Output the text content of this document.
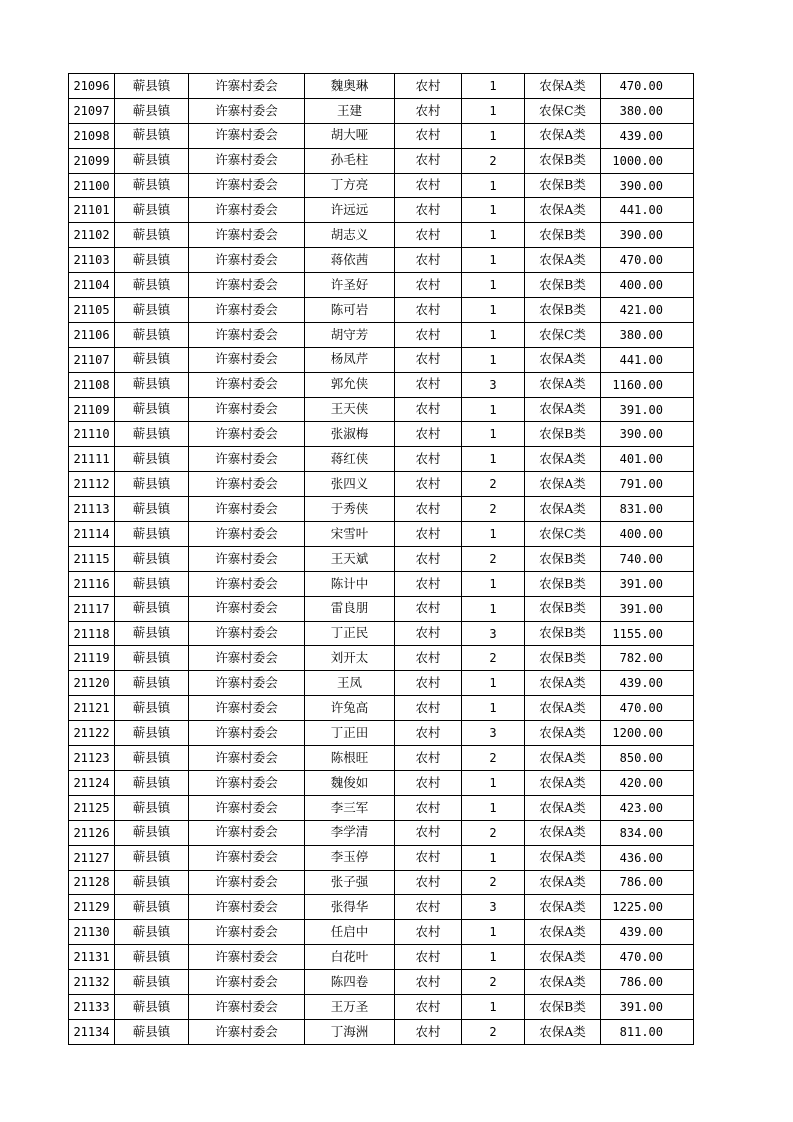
21096	蕲县镇	许寨村委会	魏奥琳	农村	1	农保A类	470.00
21097	蕲县镇	许寨村委会	王建	农村	1	农保C类	380.00
21098	蕲县镇	许寨村委会	胡大哑	农村	1	农保A类	439.00
21099	蕲县镇	许寨村委会	孙毛柱	农村	2	农保B类	1000.00
21100	蕲县镇	许寨村委会	丁方亮	农村	1	农保B类	390.00
21101	蕲县镇	许寨村委会	许远远	农村	1	农保A类	441.00
21102	蕲县镇	许寨村委会	胡志义	农村	1	农保B类	390.00
21103	蕲县镇	许寨村委会	蒋依茜	农村	1	农保A类	470.00
21104	蕲县镇	许寨村委会	许圣好	农村	1	农保B类	400.00
21105	蕲县镇	许寨村委会	陈可岩	农村	1	农保B类	421.00
21106	蕲县镇	许寨村委会	胡守芳	农村	1	农保C类	380.00
21107	蕲县镇	许寨村委会	杨凤芹	农村	1	农保A类	441.00
21108	蕲县镇	许寨村委会	郭允侠	农村	3	农保A类	1160.00
21109	蕲县镇	许寨村委会	王天侠	农村	1	农保A类	391.00
21110	蕲县镇	许寨村委会	张淑梅	农村	1	农保B类	390.00
21111	蕲县镇	许寨村委会	蒋红侠	农村	1	农保A类	401.00
21112	蕲县镇	许寨村委会	张四义	农村	2	农保A类	791.00
21113	蕲县镇	许寨村委会	于秀侠	农村	2	农保A类	831.00
21114	蕲县镇	许寨村委会	宋雪叶	农村	1	农保C类	400.00
21115	蕲县镇	许寨村委会	王天斌	农村	2	农保B类	740.00
21116	蕲县镇	许寨村委会	陈计中	农村	1	农保B类	391.00
21117	蕲县镇	许寨村委会	雷良朋	农村	1	农保B类	391.00
21118	蕲县镇	许寨村委会	丁正民	农村	3	农保B类	1155.00
21119	蕲县镇	许寨村委会	刘开太	农村	2	农保B类	782.00
21120	蕲县镇	许寨村委会	王凤	农村	1	农保A类	439.00
21121	蕲县镇	许寨村委会	许兔高	农村	1	农保A类	470.00
21122	蕲县镇	许寨村委会	丁正田	农村	3	农保A类	1200.00
21123	蕲县镇	许寨村委会	陈根旺	农村	2	农保A类	850.00
21124	蕲县镇	许寨村委会	魏俊如	农村	1	农保A类	420.00
21125	蕲县镇	许寨村委会	李三军	农村	1	农保A类	423.00
21126	蕲县镇	许寨村委会	李学清	农村	2	农保A类	834.00
21127	蕲县镇	许寨村委会	李玉停	农村	1	农保A类	436.00
21128	蕲县镇	许寨村委会	张子强	农村	2	农保A类	786.00
21129	蕲县镇	许寨村委会	张得华	农村	3	农保A类	1225.00
21130	蕲县镇	许寨村委会	任启中	农村	1	农保A类	439.00
21131	蕲县镇	许寨村委会	白花叶	农村	1	农保A类	470.00
21132	蕲县镇	许寨村委会	陈四卷	农村	2	农保A类	786.00
21133	蕲县镇	许寨村委会	王万圣	农村	1	农保B类	391.00
21134	蕲县镇	许寨村委会	丁海洲	农村	2	农保A类	811.00
